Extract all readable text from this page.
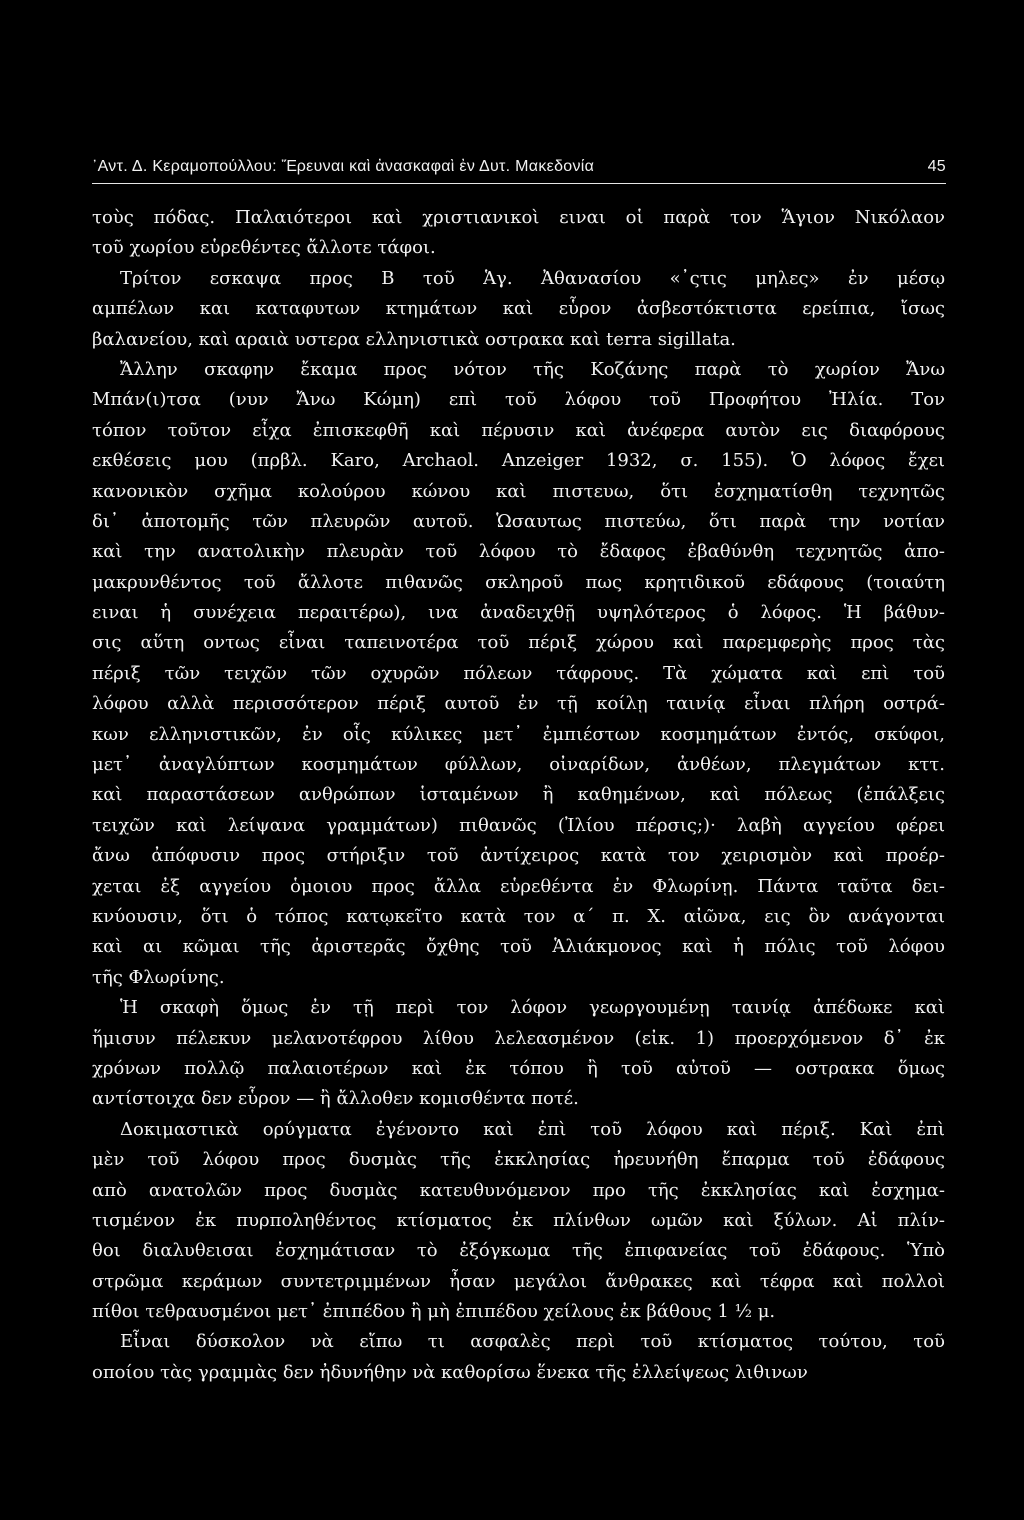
᾿Αντ. Δ. Κεραμοπούλλου: Ἔρευναι καὶ ἀνασκαφαὶ ἐν Δυτ. Μακεδονία	45
τοὺς πόδας. Παλαιότεροι καὶ χριστιανικοὶ ειναι οἱ παρὰ τον Ἅγιον Νικόλαον
τοῦ χωρίου εὑρεθέντες ἄλλοτε τάφοι.
Τρίτον εσκαψα προς Β τοῦ Ἁγ. Ἀθανασίου «᾿ςτις μηλες» ἐν μέσῳ
αμπέλων και καταφυτων κτημάτων καὶ εὗρον ἀσβεστόκτιστα ερείπια, ἴσως
βαλανείου, καὶ αραιὰ υστερα ελληνιστικὰ οστρακα καὶ terra sigillata.
Ἄλλην σκαφην ἔκαμα προς νότον τῆς Κοζάνης παρὰ τὸ χωρίον Ἄνω
Μπάν(ι)τσα (νυν Ἄνω Κώμη) επὶ τοῦ λόφου τοῦ Προφήτου Ἠλία. Τον
τόπον τοῦτον εἶχα ἐπισκεφθῆ καὶ πέρυσιν καὶ ἀνέφερα αυτὸν εις διαφόρους
εκθέσεις μου (πρβλ. Karo, Archaol. Anzeiger 1932, σ. 155). Ὁ λόφος ἔχει
κανονικὸν σχῆμα κολούρου κώνου καὶ πιστευω, ὅτι ἐσχηματίσθη τεχνητῶς
δι᾿ ἀποτομῆς τῶν πλευρῶν αυτοῦ. Ὡσαυτως πιστεύω, ὅτι παρὰ την νοτίαν
καὶ την ανατολικὴν πλευρὰν τοῦ λόφου τὸ ἔδαφος ἐβαθύνθη τεχνητῶς ἀπο-
μακρυνθέντος τοῦ ἄλλοτε πιθανῶς σκληροῦ πως κρητιδικοῦ εδάφους (τοιαύτη
ειναι ἡ συνέχεια περαιτέρω), ινα ἀναδειχθῇ υψηλότερος ὁ λόφος. Ἡ βάθυν-
σις αὕτη οντως εἶναι ταπεινοτέρα τοῦ πέριξ χώρου καὶ παρεμφερὴς προς τὰς
πέριξ τῶν τειχῶν τῶν οχυρῶν πόλεων τάφρους. Τὰ χώματα καὶ επὶ τοῦ
λόφου αλλὰ περισσότερον πέριξ αυτοῦ ἐν τῇ κοίλῃ ταινίᾳ εἶναι πλήρη οστρά-
κων ελληνιστικῶν, ἐν οἷς κύλικες μετ᾿ ἐμπιέστων κοσμημάτων ἐντός, σκύφοι,
μετ᾿ ἀναγλύπτων κοσμημάτων φύλλων, οἰναρίδων, ἀνθέων, πλεγμάτων κττ.
καὶ παραστάσεων ανθρώπων ἱσταμένων ἢ καθημένων, καὶ πόλεως (ἐπάλξεις
τειχῶν καὶ λείψανα γραμμάτων) πιθανῶς (Ἰλίου πέρσις;)· λαβὴ αγγείου φέρει
ἄνω ἀπόφυσιν προς στήριξιν τοῦ ἀντίχειρος κατὰ τον χειρισμὸν καὶ προέρ-
χεται ἐξ αγγείου ὁμοιου προς ἄλλα εὑρεθέντα ἐν Φλωρίνῃ. Πάντα ταῦτα δει-
κνύουσιν, ὅτι ὁ τόπος κατῳκεῖτο κατὰ τον α΄ π. Χ. αἰῶνα, εις ὃν ανάγονται
καὶ αι κῶμαι τῆς ἀριστερᾶς ὄχθης τοῦ Ἁλιάκμονος καὶ ἡ πόλις τοῦ λόφου
τῆς Φλωρίνης.
Ἡ σκαφὴ ὅμως ἐν τῇ περὶ τον λόφον γεωργουμένῃ ταινίᾳ ἀπέδωκε καὶ
ἥμισυν πέλεκυν μελανοτέφρου λίθου λελεασμένον (εἰκ. 1) προερχόμενον δ᾿ ἐκ
χρόνων πολλῷ παλαιοτέρων καὶ ἐκ τόπου ἢ τοῦ αὐτοῦ — οστρακα ὅμως
αντίστοιχα δεν εὗρον — ἢ ἄλλοθεν κομισθέντα ποτέ.
Δοκιμαστικὰ ορύγματα ἐγένοντο καὶ ἐπὶ τοῦ λόφου καὶ πέριξ. Καὶ ἐπὶ
μὲν τοῦ λόφου προς δυσμὰς τῆς ἐκκλησίας ἠρευνήθη ἔπαρμα τοῦ ἐδάφους
απὸ ανατολῶν προς δυσμὰς κατευθυνόμενον προ τῆς ἐκκλησίας καὶ ἐσχημα-
τισμένον ἐκ πυρποληθέντος κτίσματος ἐκ πλίνθων ωμῶν καὶ ξύλων. Αἱ πλίν-
θοι διαλυθεισαι ἐσχημάτισαν τὸ ἐξόγκωμα τῆς ἐπιφανείας τοῦ ἐδάφους. Ὑπὸ
στρῶμα κεράμων συντετριμμένων ἦσαν μεγάλοι ἄνθρακες καὶ τέφρα καὶ πολλοὶ
πίθοι τεθραυσμένοι μετ᾿ ἐπιπέδου ἢ μὴ ἐπιπέδου χείλους ἐκ βάθους 1 ½ μ.
Εἶναι δύσκολον νὰ εἴπω τι ασφαλὲς περὶ τοῦ κτίσματος τούτου, τοῦ
οποίου τὰς γραμμὰς δεν ἠδυνήθην νὰ καθορίσω ἕνεκα τῆς ἐλλείψεως λιθινων
